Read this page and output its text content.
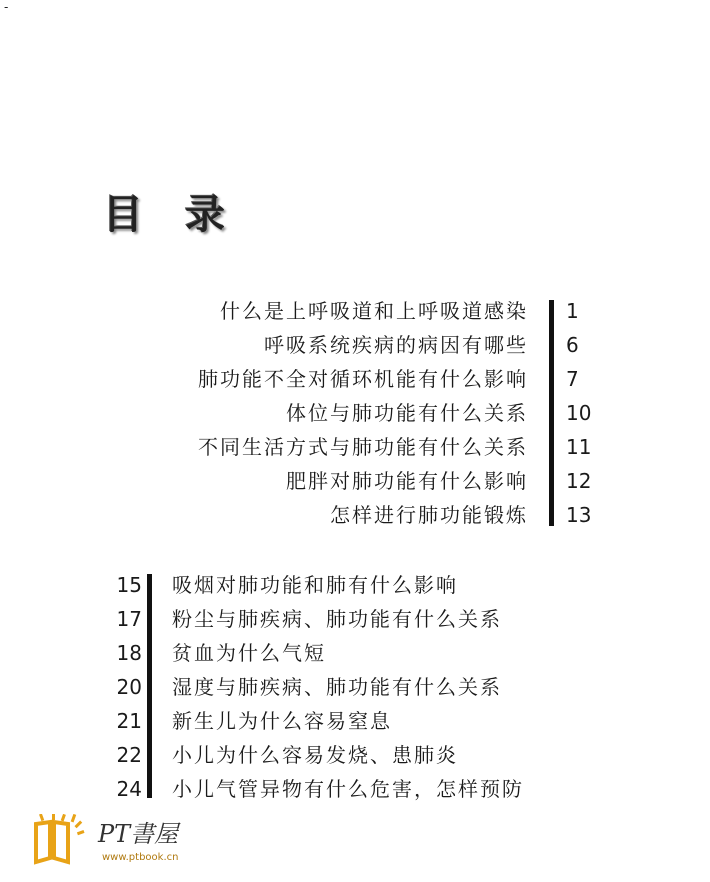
-
目 录
什么是上呼吸道和上呼吸道感染 1
呼吸系统疾病的病因有哪些 6
肺功能不全对循环机能有什么影响 7
体位与肺功能有什么关系 10
不同生活方式与肺功能有什么关系 11
肥胖对肺功能有什么影响 12
怎样进行肺功能锻炼 13
15 吸烟对肺功能和肺有什么影响
17 粉尘与肺疾病、肺功能有什么关系
18 贫血为什么气短
20 湿度与肺疾病、肺功能有什么关系
21 新生儿为什么容易窒息
22 小儿为什么容易发烧、患肺炎
24 小儿气管异物有什么危害，怎样预防
PT書屋
www.ptbook.cn
